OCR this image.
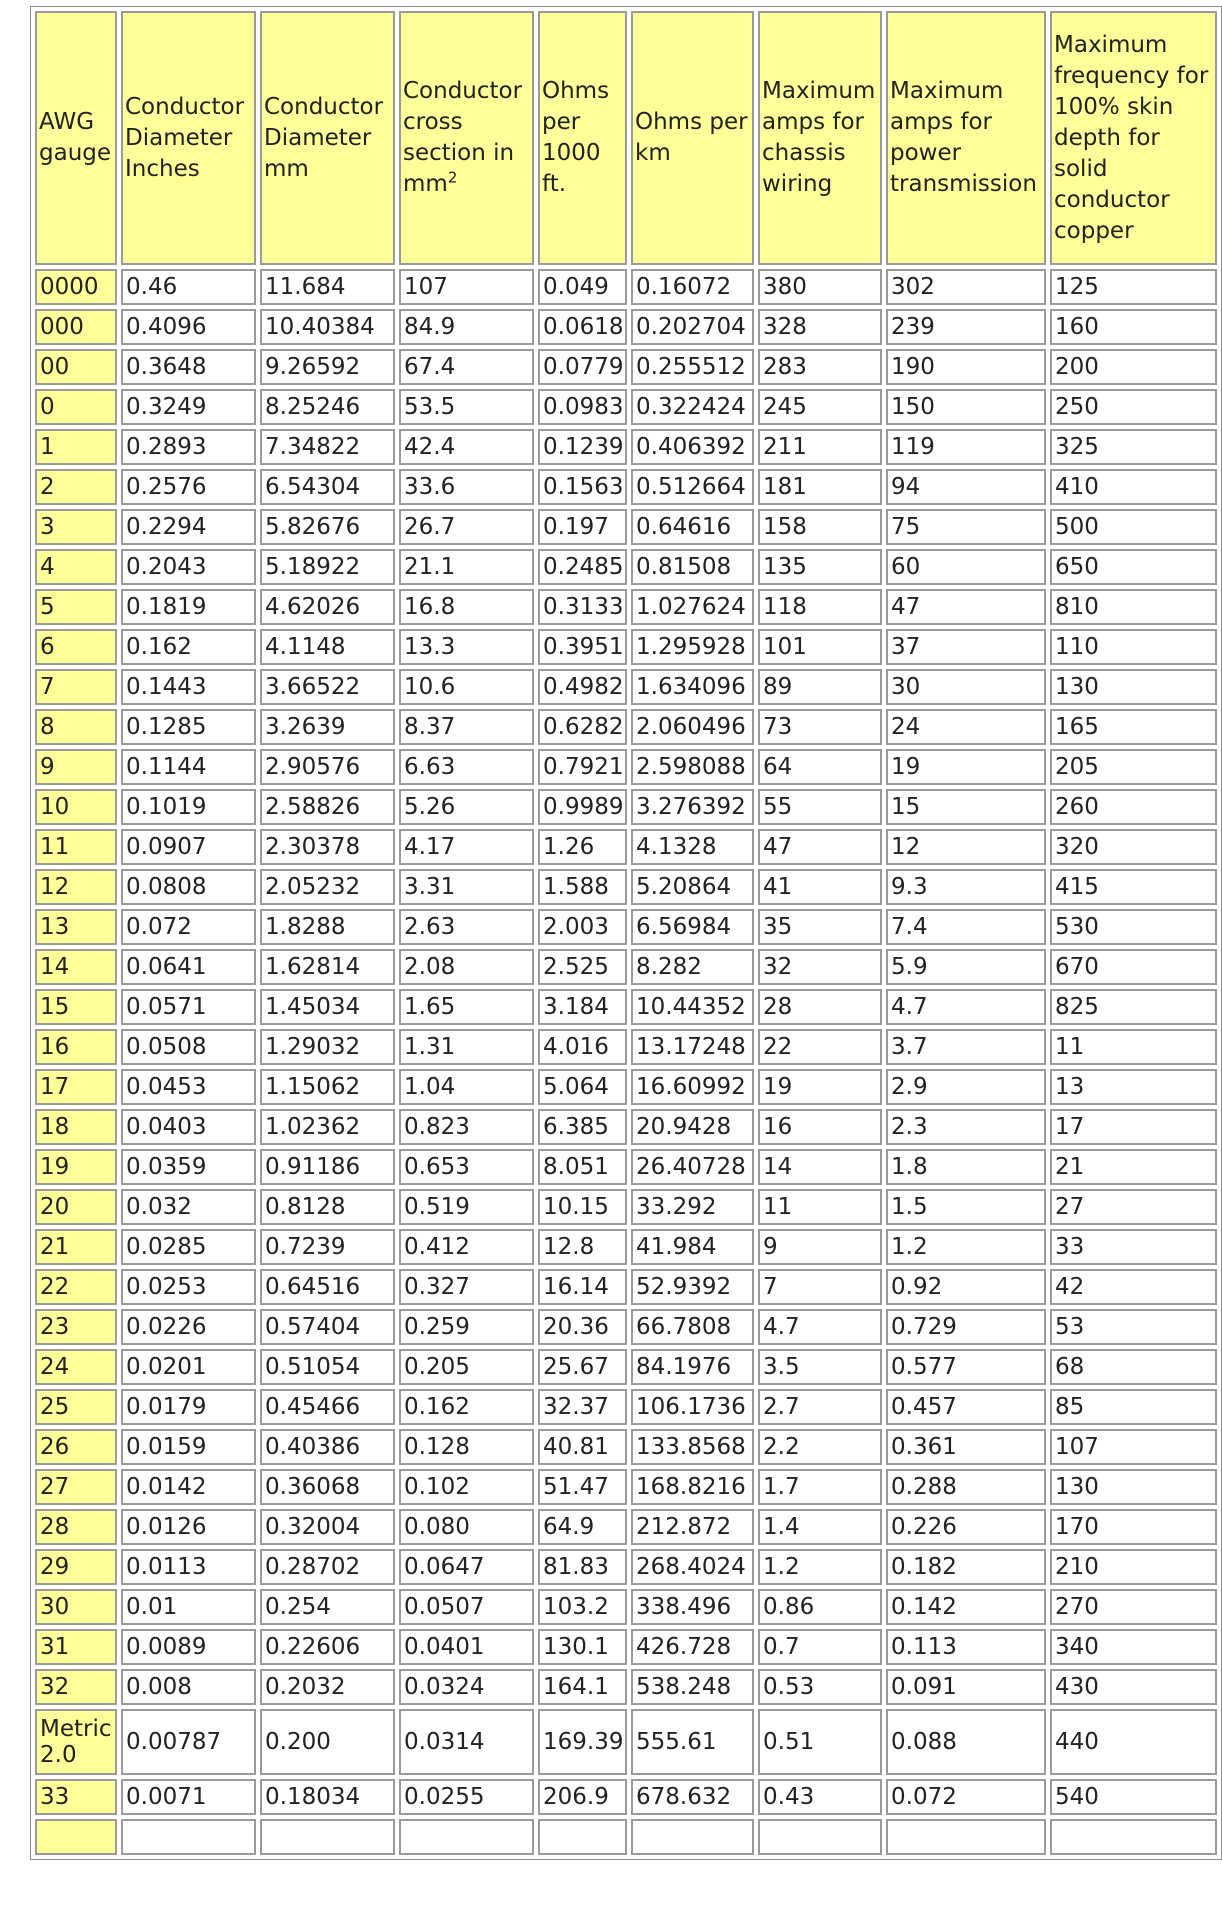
AWG gauge	Conductor Diameter Inches	Conductor Diameter mm	Conductor cross section in $mm^2$	Ohms per 1000 ft.	Ohms per km	Maximum amps for chassis wiring	Maximum amps for power transmission	Maximum frequency for 100% skin depth for solid conductor copper
0000	0.46	11.684	107	0.049	0.16072	380	302	125
000	0.4096	10.40384	84.9	0.0618	0.202704	328	239	160
00	0.3648	9.26592	67.4	0.0779	0.255512	283	190	200
0	0.3249	8.25246	53.5	0.0983	0.322424	245	150	250
1	0.2893	7.34822	42.4	0.1239	0.406392	211	119	325
2	0.2576	6.54304	33.6	0.1563	0.512664	181	94	410
3	0.2294	5.82676	26.7	0.197	0.64616	158	75	500
4	0.2043	5.18922	21.1	0.2485	0.81508	135	60	650
5	0.1819	4.62026	16.8	0.3133	1.027624	118	47	810
6	0.162	4.1148	13.3	0.3951	1.295928	101	37	110
7	0.1443	3.66522	10.6	0.4982	1.634096	89	30	130
8	0.1285	3.2639	8.37	0.6282	2.060496	73	24	165
9	0.1144	2.90576	6.63	0.7921	2.598088	64	19	205
10	0.1019	2.58826	5.26	0.9989	3.276392	55	15	260
11	0.0907	2.30378	4.17	1.26	4.1328	47	12	320
12	0.0808	2.05232	3.31	1.588	5.20864	41	9.3	415
13	0.072	1.8288	2.63	2.003	6.56984	35	7.4	530
14	0.0641	1.62814	2.08	2.525	8.282	32	5.9	670
15	0.0571	1.45034	1.65	3.184	10.44352	28	4.7	825
16	0.0508	1.29032	1.31	4.016	13.17248	22	3.7	11
17	0.0453	1.15062	1.04	5.064	16.60992	19	2.9	13
18	0.0403	1.02362	0.823	6.385	20.9428	16	2.3	17
19	0.0359	0.91186	0.653	8.051	26.40728	14	1.8	21
20	0.032	0.8128	0.519	10.15	33.292	11	1.5	27
21	0.0285	0.7239	0.412	12.8	41.984	9	1.2	33
22	0.0253	0.64516	0.327	16.14	52.9392	7	0.92	42
23	0.0226	0.57404	0.259	20.36	66.7808	4.7	0.729	53
24	0.0201	0.51054	0.205	25.67	84.1976	3.5	0.577	68
25	0.0179	0.45466	0.162	32.37	106.1736	2.7	0.457	85
26	0.0159	0.40386	0.128	40.81	133.8568	2.2	0.361	107
27	0.0142	0.36068	0.102	51.47	168.8216	1.7	0.288	130
28	0.0126	0.32004	0.080	64.9	212.872	1.4	0.226	170
29	0.0113	0.28702	0.0647	81.83	268.4024	1.2	0.182	210
30	0.01	0.254	0.0507	103.2	338.496	0.86	0.142	270
31	0.0089	0.22606	0.0401	130.1	426.728	0.7	0.113	340
32	0.008	0.2032	0.0324	164.1	538.248	0.53	0.091	430
Metric 2.0	0.00787	0.200	0.0314	169.39	555.61	0.51	0.088	440
33	0.0071	0.18034	0.0255	206.9	678.632	0.43	0.072	540
